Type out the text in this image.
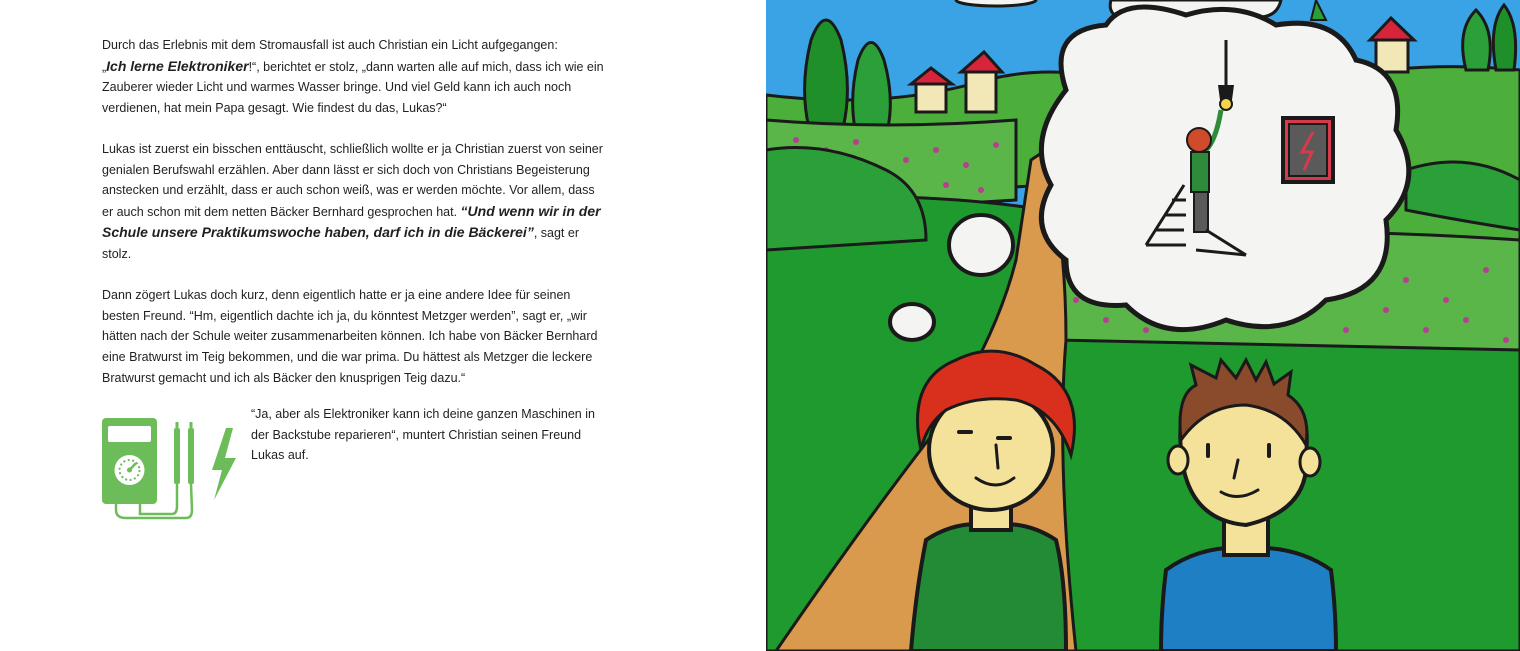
Durch das Erlebnis mit dem Stromausfall ist auch Christian ein Licht aufgegangen:
„Ich lerne Elektroniker!“, berichtet er stolz, „dann warten alle auf mich, dass ich wie ein Zauberer wieder Licht und warmes Wasser bringe. Und viel Geld kann ich auch noch verdienen, hat mein Papa gesagt. Wie findest du das, Lukas?“

Lukas ist zuerst ein bisschen enttäuscht, schließlich wollte er ja Christian zuerst von seiner genialen Berufswahl erzählen. Aber dann lässt er sich doch von Christians Begeisterung anstecken und erzählt, dass er auch schon weiß, was er werden möchte. Vor allem, dass er auch schon mit dem netten Bäcker Bernhard gesprochen hat. “Und wenn wir in der Schule unsere Praktikumswoche haben, darf ich in die Bäckerei”, sagt er stolz.

Dann zögert Lukas doch kurz, denn eigentlich hatte er ja eine andere Idee für seinen besten Freund. “Hm, eigentlich dachte ich ja, du könntest Metzger werden”, sagt er, „wir hätten nach der Schule weiter zusammenarbeiten können. Ich habe von Bäcker Bernhard eine Bratwurst im Teig bekommen, und die war prima. Du hättest als Metzger die leckere Bratwurst gemacht und ich als Bäcker den knusprigen Teig dazu.“

“Ja, aber als Elektroniker kann ich deine ganzen Maschinen in der Backstube reparieren“, muntert Christian seinen Freund Lukas auf.
